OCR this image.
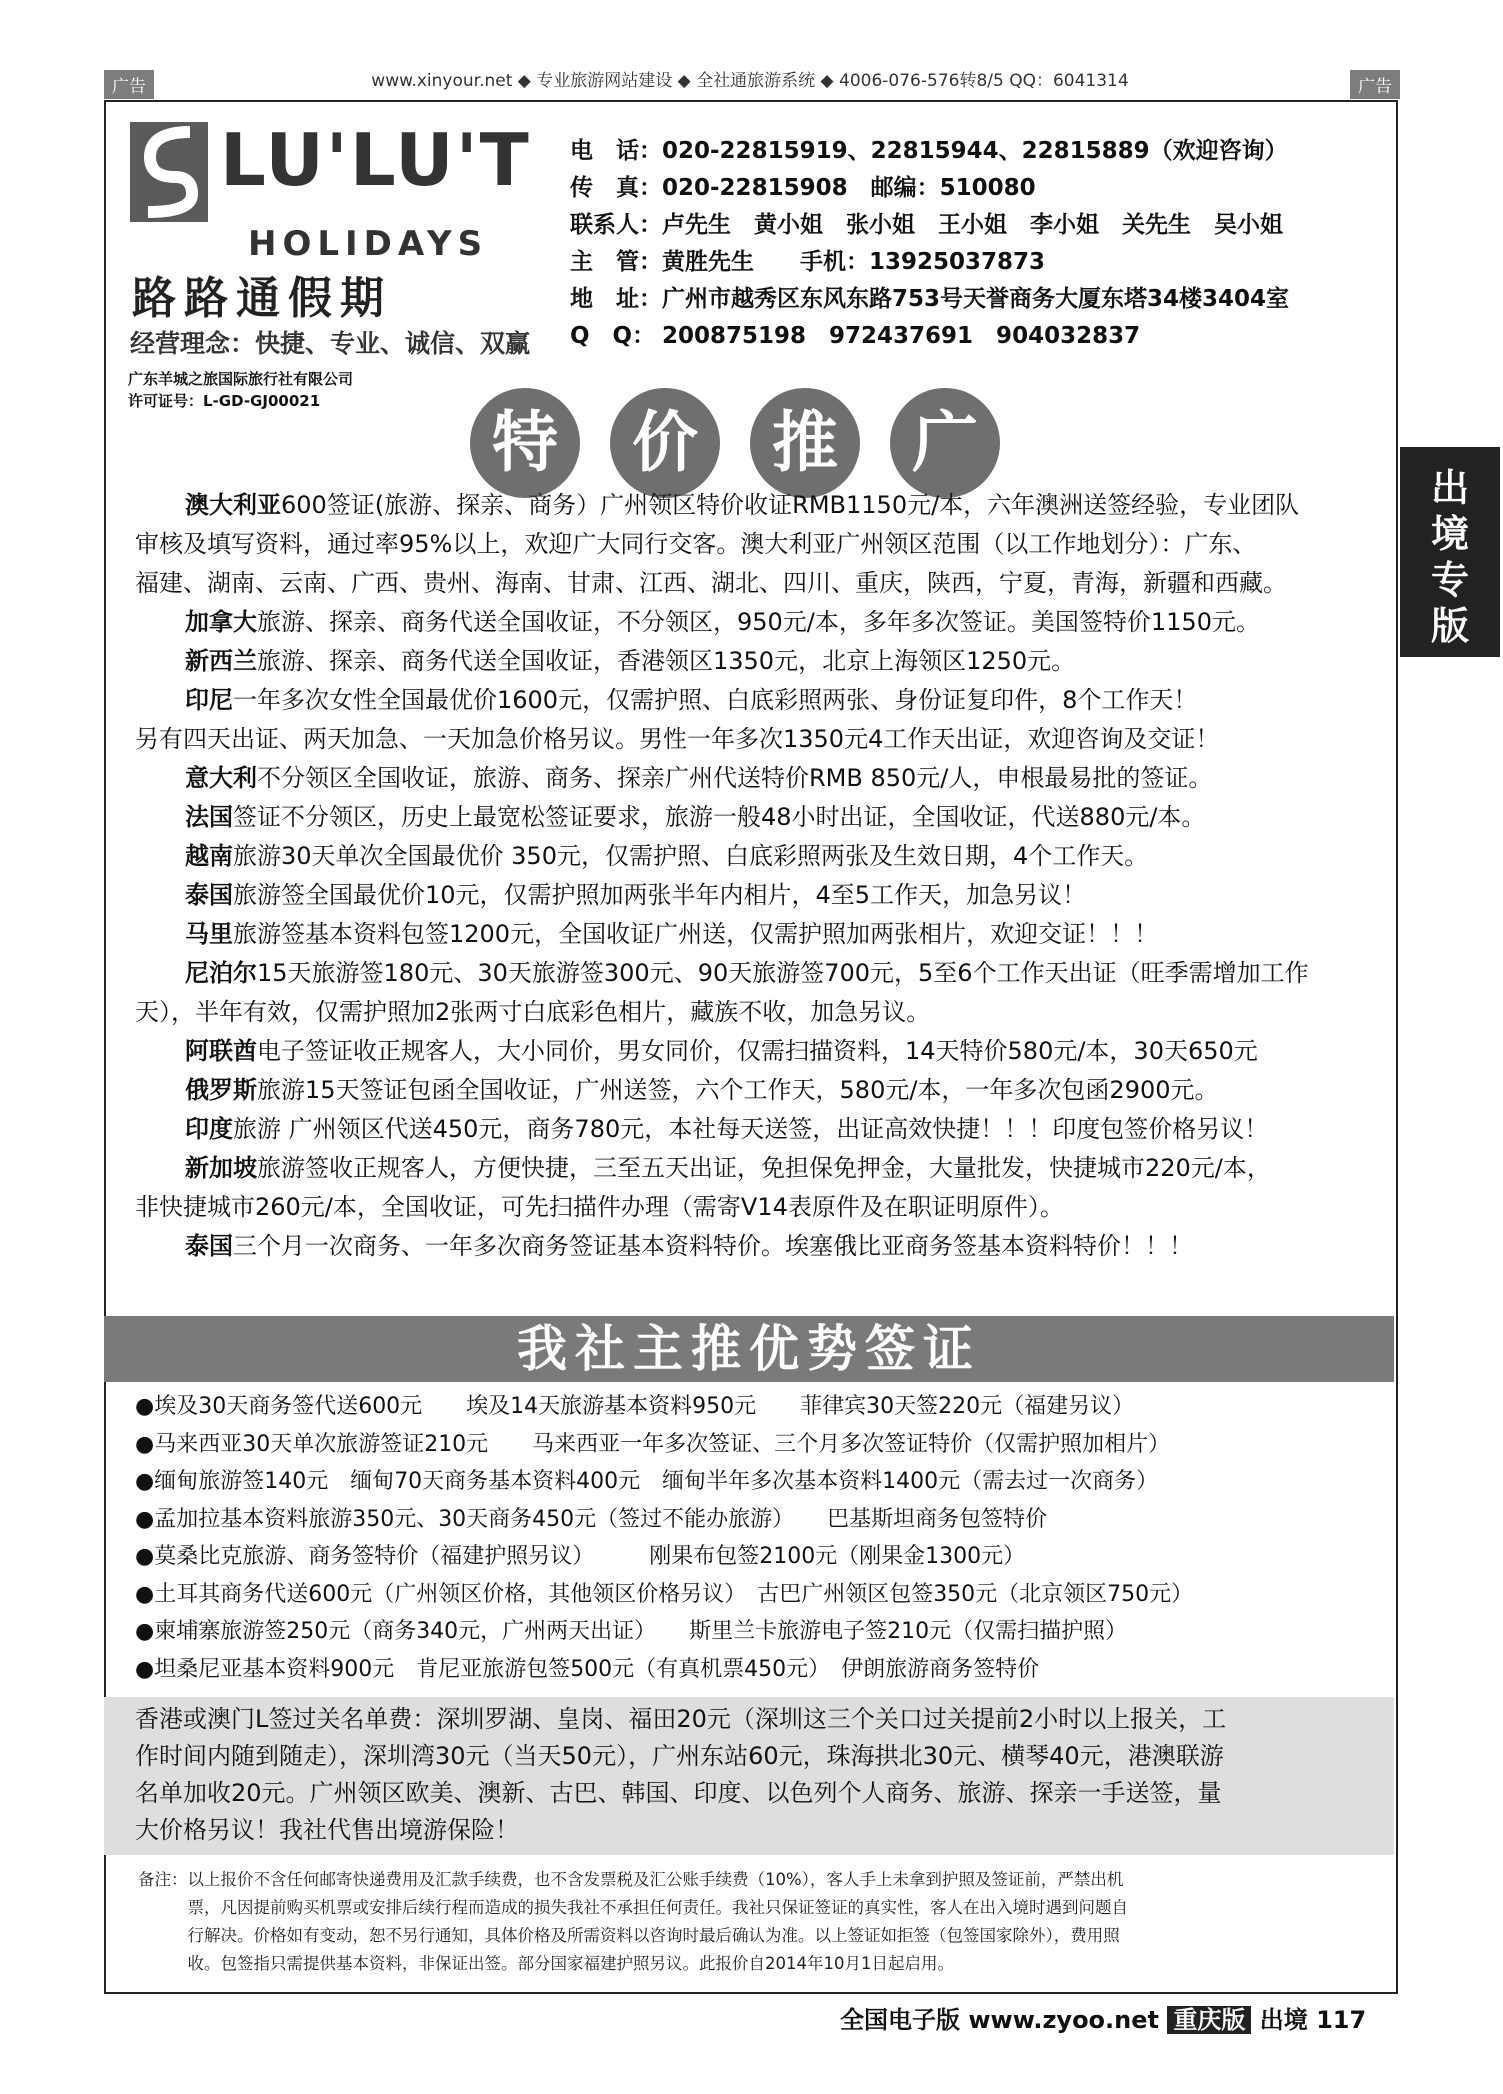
广告	广告
www.xinyour.net ◆ 专业旅游网站建设 ◆ 全社通旅游系统 ◆ 4006-076-576转8/5 QQ：6041314
LU'LU'T
HOLIDAYS
路路通假期
经营理念：快捷、专业、诚信、双赢
广东羊城之旅国际旅行社有限公司
许可证号：L-GD-GJ00021
电　话：020-22815919、22815944、22815889（欢迎咨询）
传　真：020-22815908　邮编：510080
联系人：卢先生　黄小姐　张小姐　王小姐　李小姐　关先生　吴小姐
主　管：黄胜先生　　手机：13925037873
地　址：广州市越秀区东风东路753号天誉商务大厦东塔34楼3404室
Q　Q： 200875198　972437691　904032837
特 价 推 广
出
境
专
版
澳大利亚600签证(旅游、探亲、商务）广州领区特价收证RMB1150元/本，六年澳洲送签经验，专业团队
审核及填写资料，通过率95%以上，欢迎广大同行交客。澳大利亚广州领区范围（以工作地划分）：广东、
福建、湖南、云南、广西、贵州、海南、甘肃、江西、湖北、四川、重庆，陕西，宁夏，青海，新疆和西藏。
加拿大旅游、探亲、商务代送全国收证，不分领区，950元/本，多年多次签证。美国签特价1150元。
新西兰旅游、探亲、商务代送全国收证，香港领区1350元，北京上海领区1250元。
印尼一年多次女性全国最优价1600元，仅需护照、白底彩照两张、身份证复印件，8个工作天！
另有四天出证、两天加急、一天加急价格另议。男性一年多次1350元4工作天出证，欢迎咨询及交证！
意大利不分领区全国收证，旅游、商务、探亲广州代送特价RMB 850元/人，申根最易批的签证。
法国签证不分领区，历史上最宽松签证要求，旅游一般48小时出证，全国收证，代送880元/本。
越南旅游30天单次全国最优价 350元，仅需护照、白底彩照两张及生效日期，4个工作天。
泰国旅游签全国最优价10元，仅需护照加两张半年内相片，4至5工作天，加急另议！
马里旅游签基本资料包签1200元，全国收证广州送，仅需护照加两张相片，欢迎交证！！！
尼泊尔15天旅游签180元、30天旅游签300元、90天旅游签700元，5至6个工作天出证（旺季需增加工作
天），半年有效，仅需护照加2张两寸白底彩色相片，藏族不收，加急另议。
阿联酋电子签证收正规客人，大小同价，男女同价，仅需扫描资料，14天特价580元/本，30天650元
俄罗斯旅游15天签证包函全国收证，广州送签，六个工作天，580元/本，一年多次包函2900元。
印度旅游 广州领区代送450元，商务780元，本社每天送签，出证高效快捷！！！印度包签价格另议！
新加坡旅游签收正规客人，方便快捷，三至五天出证，免担保免押金，大量批发，快捷城市220元/本，
非快捷城市260元/本，全国收证，可先扫描件办理（需寄V14表原件及在职证明原件）。
泰国三个月一次商务、一年多次商务签证基本资料特价。埃塞俄比亚商务签基本资料特价！！！
我社主推优势签证
●埃及30天商务签代送600元　　埃及14天旅游基本资料950元　　菲律宾30天签220元（福建另议）
●马来西亚30天单次旅游签证210元　　马来西亚一年多次签证、三个月多次签证特价（仅需护照加相片）
●缅甸旅游签140元　缅甸70天商务基本资料400元　缅甸半年多次基本资料1400元（需去过一次商务）
●孟加拉基本资料旅游350元、30天商务450元（签过不能办旅游）　　巴基斯坦商务包签特价
●莫桑比克旅游、商务签特价（福建护照另议）　　　刚果布包签2100元（刚果金1300元）
●土耳其商务代送600元（广州领区价格，其他领区价格另议）　古巴广州领区包签350元（北京领区750元）
●柬埔寨旅游签250元（商务340元，广州两天出证）　　斯里兰卡旅游电子签210元（仅需扫描护照）
●坦桑尼亚基本资料900元　肯尼亚旅游包签500元（有真机票450元）　伊朗旅游商务签特价
香港或澳门L签过关名单费：深圳罗湖、皇岗、福田20元（深圳这三个关口过关提前2小时以上报关，工
作时间内随到随走），深圳湾30元（当天50元），广州东站60元，珠海拱北30元、横琴40元，港澳联游
名单加收20元。广州领区欧美、澳新、古巴、韩国、印度、以色列个人商务、旅游、探亲一手送签，量
大价格另议！我社代售出境游保险！
备注：以上报价不含任何邮寄快递费用及汇款手续费，也不含发票税及汇公账手续费（10%），客人手上未拿到护照及签证前，严禁出机
　　　票，凡因提前购买机票或安排后续行程而造成的损失我社不承担任何责任。我社只保证签证的真实性，客人在出入境时遇到问题自
　　　行解决。价格如有变动，恕不另行通知，具体价格及所需资料以咨询时最后确认为准。以上签证如拒签（包签国家除外），费用照
　　　收。包签指只需提供基本资料，非保证出签。部分国家福建护照另议。此报价自2014年10月1日起启用。
全国电子版 www.zyoo.net 重庆版 出境 117
